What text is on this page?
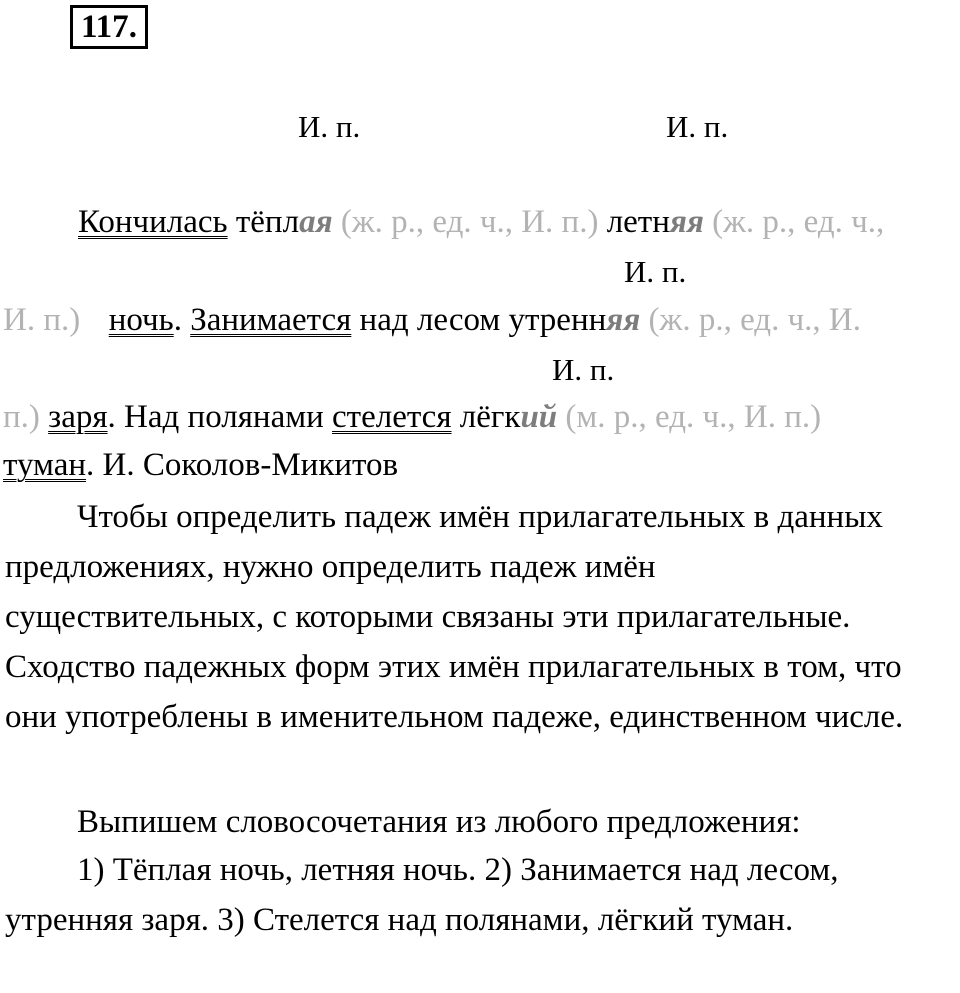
117.
И. п.	И. п.
Кончилась тёплая (ж. р., ед. ч., И. п.) летняя (ж. р., ед. ч.,
И. п.
И. п.) ночь. Занимается над лесом утренняя (ж. р., ед. ч., И.
И. п.
п.) заря. Над полянами стелется лёгкий (м. р., ед. ч., И. п.)
туман. И. Соколов-Микитов
Чтобы определить падеж имён прилагательных в данных предложениях, нужно определить падеж имён существительных, с которыми связаны эти прилагательные. Сходство падежных форм этих имён прилагательных в том, что они употреблены в именительном падеже, единственном числе.
Выпишем словосочетания из любого предложения:
1) Тёплая ночь, летняя ночь. 2) Занимается над лесом, утренняя заря. 3) Стелется над полянами, лёгкий туман.
